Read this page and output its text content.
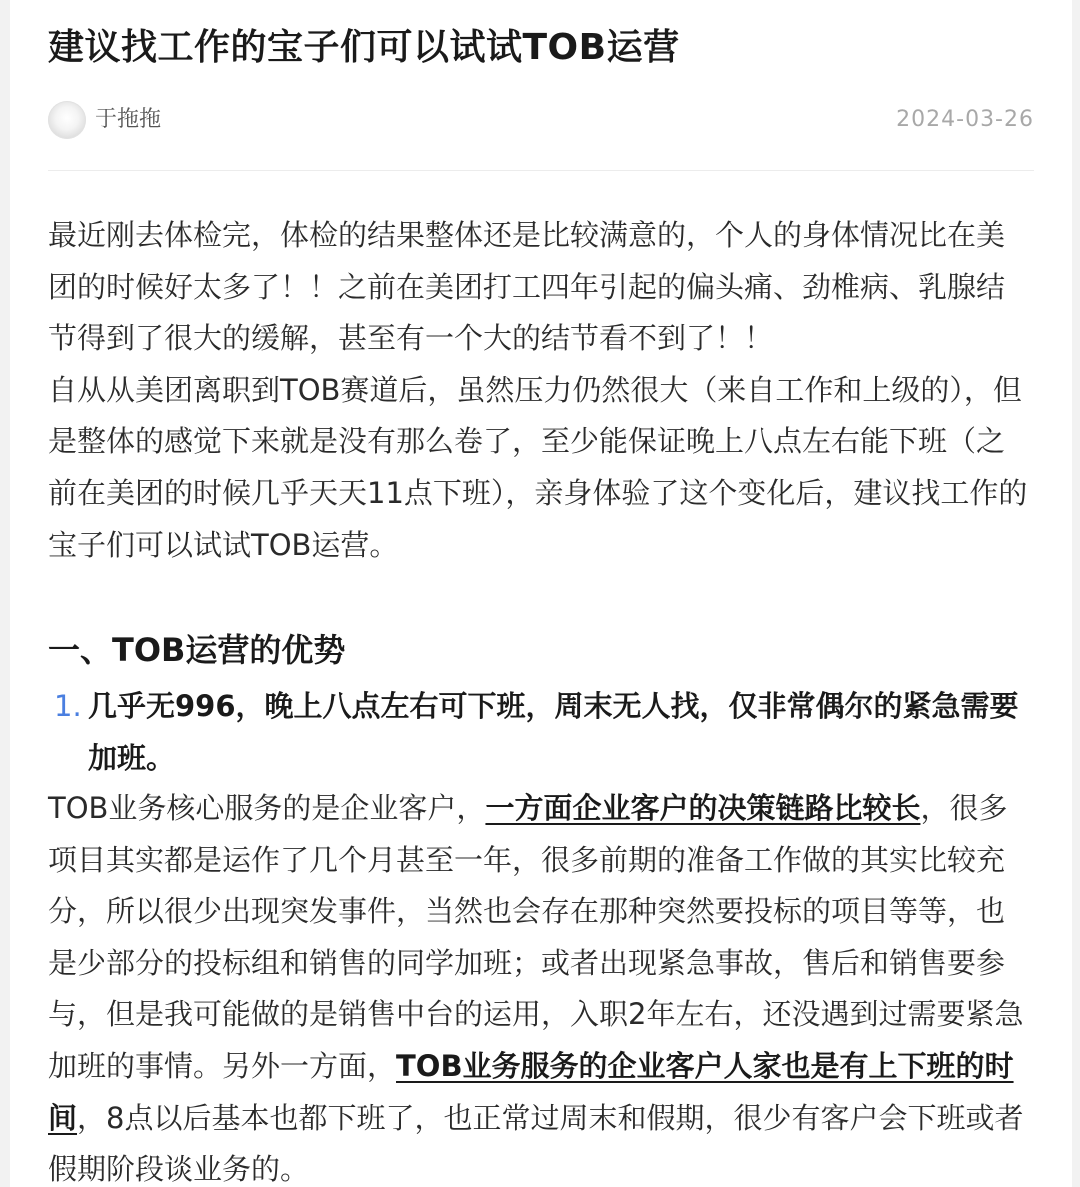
建议找工作的宝子们可以试试TOB运营
于拖拖	2024-03-26

最近刚去体检完，体检的结果整体还是比较满意的，个人的身体情况比在美团的时候好太多了！！之前在美团打工四年引起的偏头痛、劲椎病、乳腺结节得到了很大的缓解，甚至有一个大的结节看不到了！！

自从从美团离职到TOB赛道后，虽然压力仍然很大（来自工作和上级的），但是整体的感觉下来就是没有那么卷了，至少能保证晚上八点左右能下班（之前在美团的时候几乎天天11点下班），亲身体验了这个变化后，建议找工作的宝子们可以试试TOB运营。

一、TOB运营的优势
1. 几乎无996，晚上八点左右可下班，周末无人找，仅非常偶尔的紧急需要加班。

TOB业务核心服务的是企业客户，一方面企业客户的决策链路比较长，很多项目其实都是运作了几个月甚至一年，很多前期的准备工作做的其实比较充分，所以很少出现突发事件，当然也会存在那种突然要投标的项目等等，也是少部分的投标组和销售的同学加班；或者出现紧急事故，售后和销售要参与，但是我可能做的是销售中台的运用，入职2年左右，还没遇到过需要紧急加班的事情。另外一方面，TOB业务服务的企业客户人家也是有上下班的时间，8点以后基本也都下班了，也正常过周末和假期，很少有客户会下班或者假期阶段谈业务的。
